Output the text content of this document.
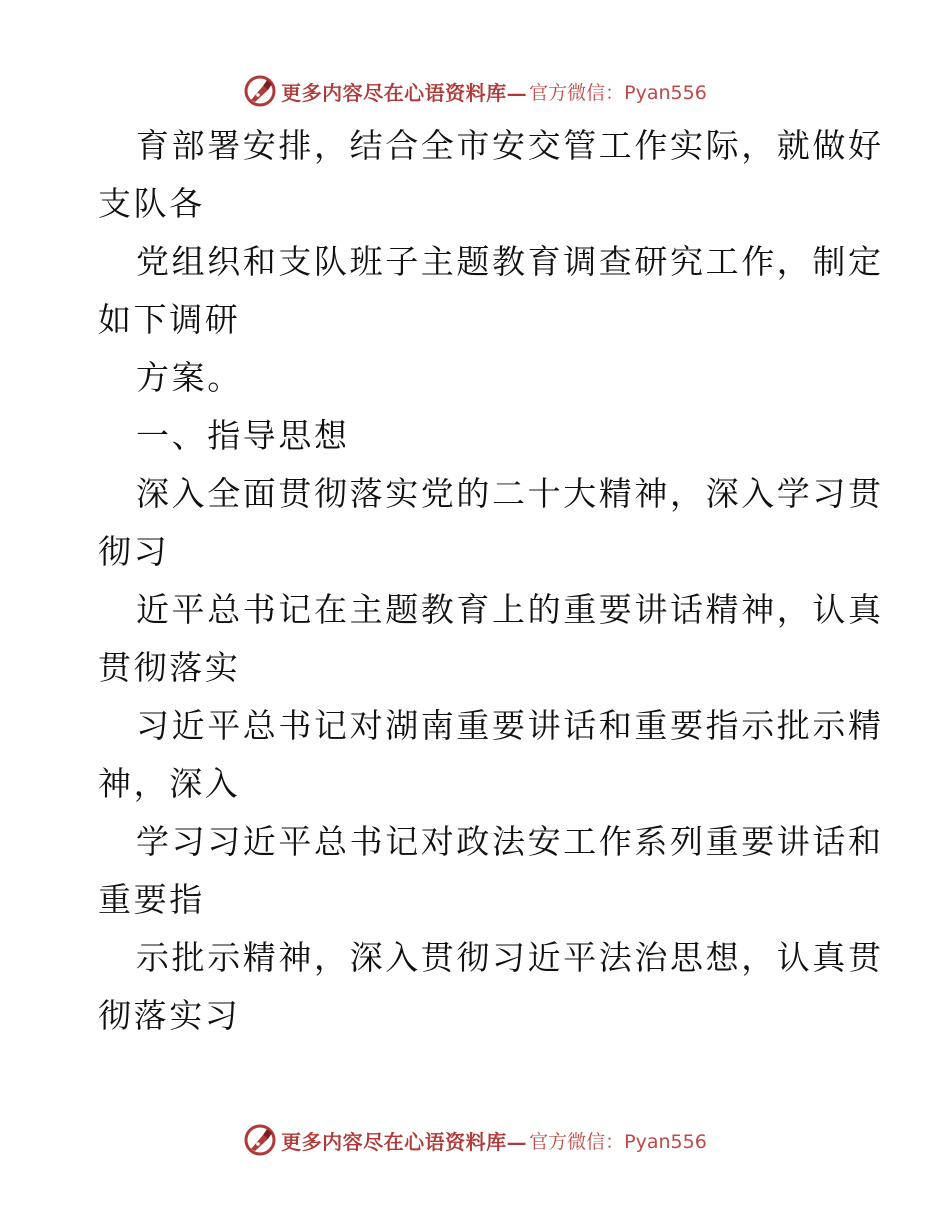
更多内容尽在心语资料库— 官方微信：Pyan556
育部署安排，结合全市安交管工作实际，就做好
支队各
党组织和支队班子主题教育调查研究工作，制定
如下调研
方案。
一、指导思想
深入全面贯彻落实党的二十大精神，深入学习贯
彻习
近平总书记在主题教育上的重要讲话精神，认真
贯彻落实
习近平总书记对湖南重要讲话和重要指示批示精
神，深入
学习习近平总书记对政法安工作系列重要讲话和
重要指
示批示精神，深入贯彻习近平法治思想，认真贯
彻落实习
更多内容尽在心语资料库— 官方微信：Pyan556
